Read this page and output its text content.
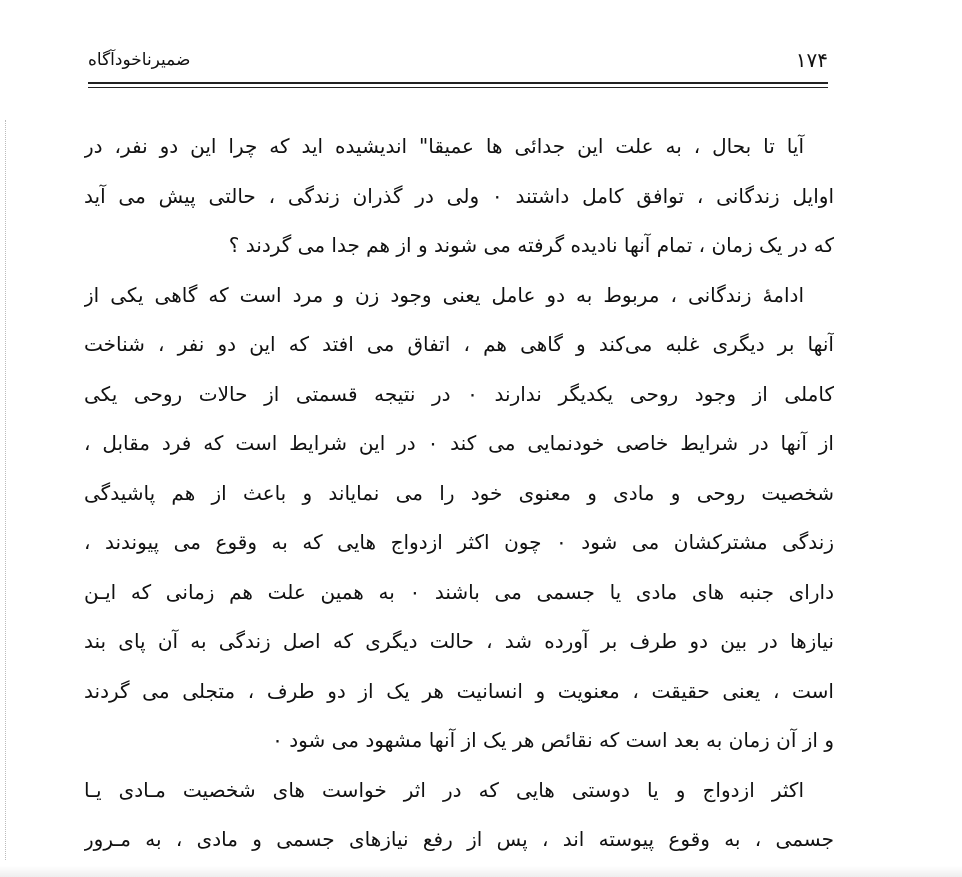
۱۷۴
ضمیرناخودآگاه
آیا تا بحال ، به علت این جدائی ها عمیقا" اندیشیده اید که چرا این دو نفر، در
اوایل زندگانی ، توافق کامل داشتند ۰ ولی در گذران زندگی ، حالتی پیش می آید
که در یک زمان ، تمام آنها نادیده گرفته می شوند و از هم جدا می گردند ؟
ادامهٔ زندگانی ، مربوط به دو عامل یعنی وجود زن و مرد است که گاهی یکی از
آنها بر دیگری غلبه می‌کند و گاهی هم ، اتفاق می افتد که این دو نفر ، شناخت
کاملی از وجود روحی یکدیگر ندارند ۰ در نتیجه قسمتی از حالات روحی یکی
از آنها در شرایط خاصی خودنمایی می کند ۰ در این شرایط است که فرد مقابل ،
شخصیت روحی و مادی و معنوی خود را می نمایاند و باعث از هم پاشیدگی
زندگی مشترکشان می شود ۰ چون اکثر ازدواج هایی که به وقوع می پیوندند ،
دارای جنبه های مادی یا جسمی می باشند ۰ به همین علت هم زمانی که ایـن
نیازها در بین دو طرف بر آورده شد ، حالت دیگری که اصل زندگی به آن پای بند
است ، یعنی حقیقت ، معنویت و انسانیت هر یک از دو طرف ، متجلی می گردند
و از آن زمان به بعد است که نقائص هر یک از آنها مشهود می شود ۰
اکثر ازدواج و یا دوستی هایی که در اثر خواست های شخصیت مـادی یـا
جسمی ، به وقوع پیوسته اند ، پس از رفع نیازهای جسمی و مادی ، به مـرور
